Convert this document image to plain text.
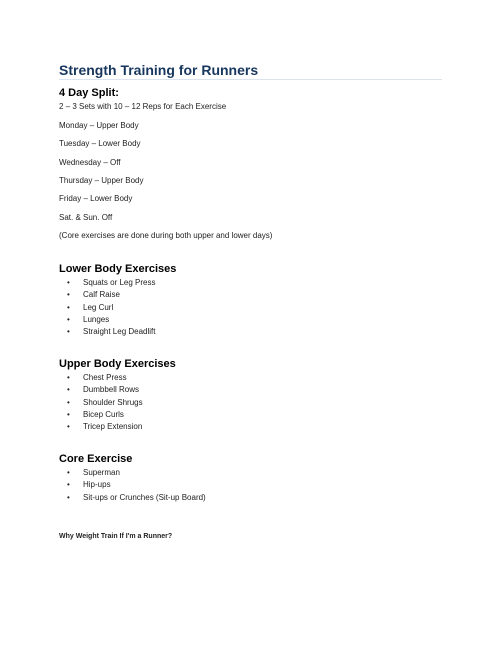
Strength Training for Runners
4 Day Split:

2 – 3 Sets with 10 – 12 Reps for Each Exercise

Monday – Upper Body

Tuesday – Lower Body

Wednesday – Off

Thursday – Upper Body

Friday – Lower Body

Sat. & Sun. Off

(Core exercises are done during both upper and lower days)

Lower Body Exercises
• Squats or Leg Press
• Calf Raise
• Leg Curl
• Lunges
• Straight Leg Deadlift
Upper Body Exercises
• Chest Press
• Dumbbell Rows
• Shoulder Shrugs
• Bicep Curls
• Tricep Extension
Core Exercise
• Superman
• Hip-ups
• Sit-ups or Crunches (Sit-up Board)

Why Weight Train If I'm a Runner?
